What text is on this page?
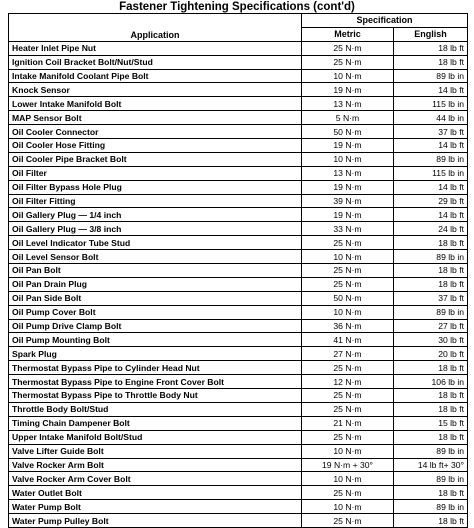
Fastener Tightening Specifications (cont'd)
Application	Specification	
	Metric	English
Heater Inlet Pipe Nut	25 N·m	18 lb ft
Ignition Coil Bracket Bolt/Nut/Stud	25 N·m	18 lb ft
Intake Manifold Coolant Pipe Bolt	10 N·m	89 lb in
Knock Sensor	19 N·m	14 lb ft
Lower Intake Manifold Bolt	13 N·m	115 lb in
MAP Sensor Bolt	5 N·m	44 lb in
Oil Cooler Connector	50 N·m	37 lb ft
Oil Cooler Hose Fitting	19 N·m	14 lb ft
Oil Cooler Pipe Bracket Bolt	10 N·m	89 lb in
Oil Filter	13 N·m	115 lb in
Oil Filter Bypass Hole Plug	19 N·m	14 lb ft
Oil Filter Fitting	39 N·m	29 lb ft
Oil Gallery Plug — 1/4 inch	19 N·m	14 lb ft
Oil Gallery Plug — 3/8 inch	33 N·m	24 lb ft
Oil Level Indicator Tube Stud	25 N·m	18 lb ft
Oil Level Sensor Bolt	10 N·m	89 lb in
Oil Pan Bolt	25 N·m	18 lb ft
Oil Pan Drain Plug	25 N·m	18 lb ft
Oil Pan Side Bolt	50 N·m	37 lb ft
Oil Pump Cover Bolt	10 N·m	89 lb in
Oil Pump Drive Clamp Bolt	36 N·m	27 lb ft
Oil Pump Mounting Bolt	41 N·m	30 lb ft
Spark Plug	27 N·m	20 lb ft
Thermostat Bypass Pipe to Cylinder Head Nut	25 N·m	18 lb ft
Thermostat Bypass Pipe to Engine Front Cover Bolt	12 N·m	106 lb in
Thermostat Bypass Pipe to Throttle Body Nut	25 N·m	18 lb ft
Throttle Body Bolt/Stud	25 N·m	18 lb ft
Timing Chain Dampener Bolt	21 N·m	15 lb ft
Upper Intake Manifold Bolt/Stud	25 N·m	18 lb ft
Valve Lifter Guide Bolt	10 N·m	89 lb in
Valve Rocker Arm Bolt	19 N·m + 30°	14 lb ft+ 30°
Valve Rocker Arm Cover Bolt	10 N·m	89 lb in
Water Outlet Bolt	25 N·m	18 lb ft
Water Pump Bolt	10 N·m	89 lb in
Water Pump Pulley Bolt	25 N·m	18 lb ft
